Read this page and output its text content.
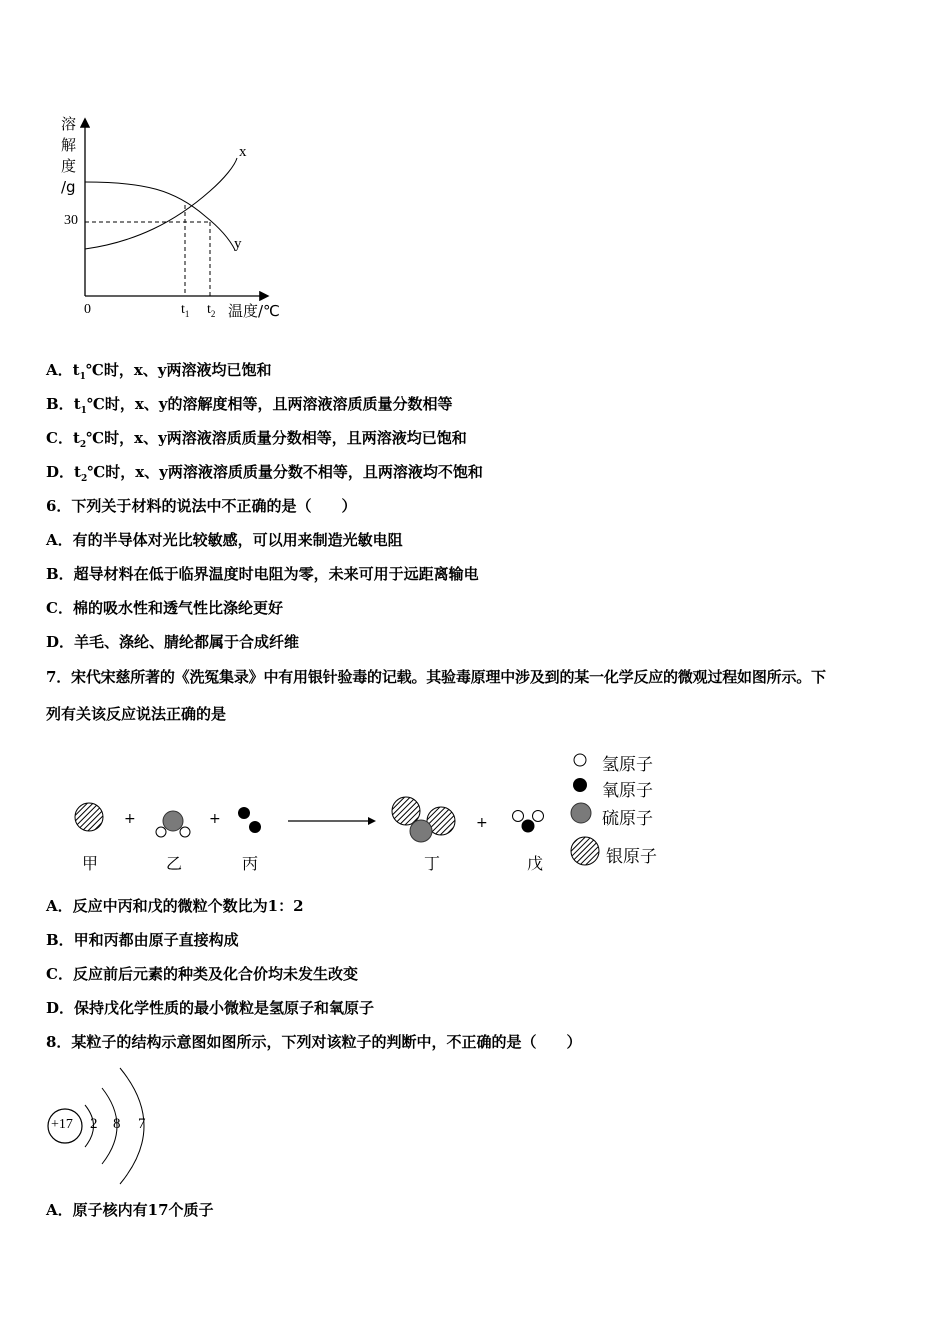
溶
解
度
/g
30
0	$t_1$ $t_2$ 温度/℃
x
y
A．$t_1℃$时，x、y两溶液均已饱和
B．$t_1℃$时，x、y的溶解度相等，且两溶液溶质质量分数相等
C．$t_2℃$时，x、y两溶液溶质质量分数相等，且两溶液均已饱和
D．$t_2℃$时，x、y两溶液溶质质量分数不相等，且两溶液均不饱和
6．下列关于材料的说法中不正确的是（　　）
A．有的半导体对光比较敏感，可以用来制造光敏电阻
B．超导材料在低于临界温度时电阻为零，未来可用于远距离输电
C．棉的吸水性和透气性比涤纶更好
D．羊毛、涤纶、腈纶都属于合成纤维
7．宋代宋慈所著的《洗冤集录》中有用银针验毒的记载。其验毒原理中涉及到的某一化学反应的微观过程如图所示。下
列有关该反应说法正确的是
+	+	+
甲	乙	丙	丁	戊
氢原子
氧原子
硫原子
银原子
A．反应中丙和戊的微粒个数比为1：2
B．甲和丙都由原子直接构成
C．反应前后元素的种类及化合价均未发生改变
D．保持戊化学性质的最小微粒是氢原子和氧原子
8．某粒子的结构示意图如图所示，下列对该粒子的判断中，不正确的是（　　）
+17 2 8 7
A．原子核内有17个质子
